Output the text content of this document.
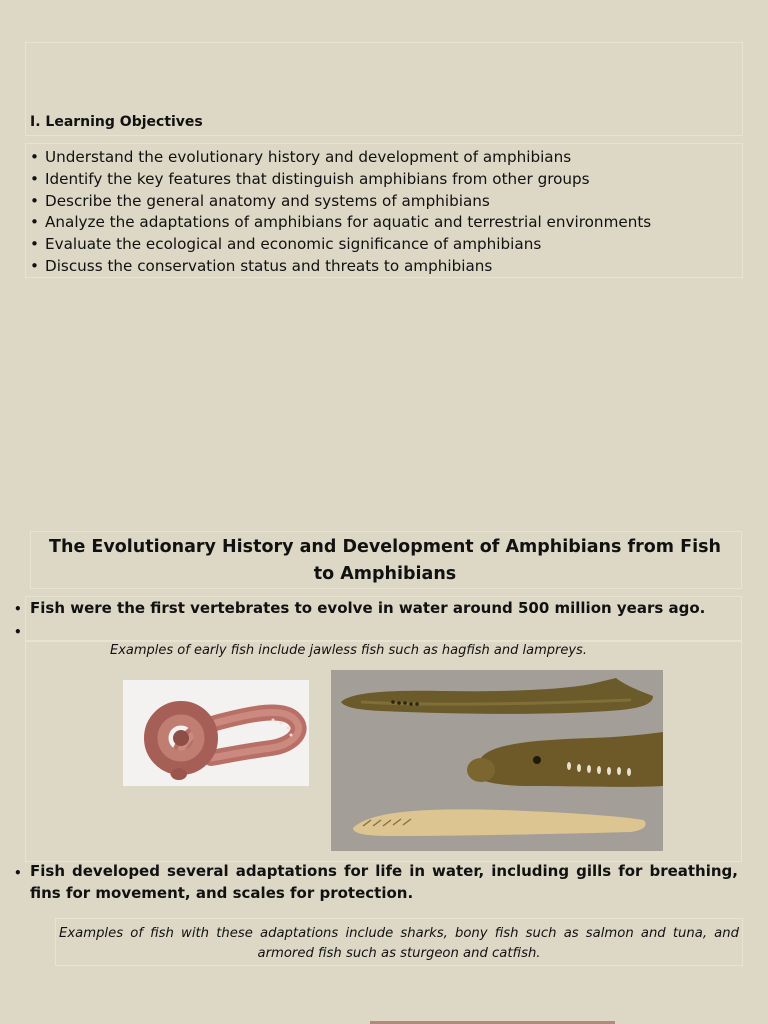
I. Learning Objectives
• Understand the evolutionary history and development of amphibians
• Identify the key features that distinguish amphibians from other groups
• Describe the general anatomy and systems of amphibians
• Analyze the adaptations of amphibians for aquatic and terrestrial environments
• Evaluate the ecological and economic significance of amphibians
• Discuss the conservation status and threats to amphibians
The Evolutionary History and Development of Amphibians from Fish to Amphibians
• Fish were the first vertebrates to evolve in water around 500 million years ago.
•
Examples of early fish include jawless fish such as hagfish and lampreys.
• Fish developed several adaptations for life in water, including gills for breathing, fins for movement, and scales for protection.
Examples of fish with these adaptations include sharks, bony fish such as salmon and tuna, and armored fish such as sturgeon and catfish.
